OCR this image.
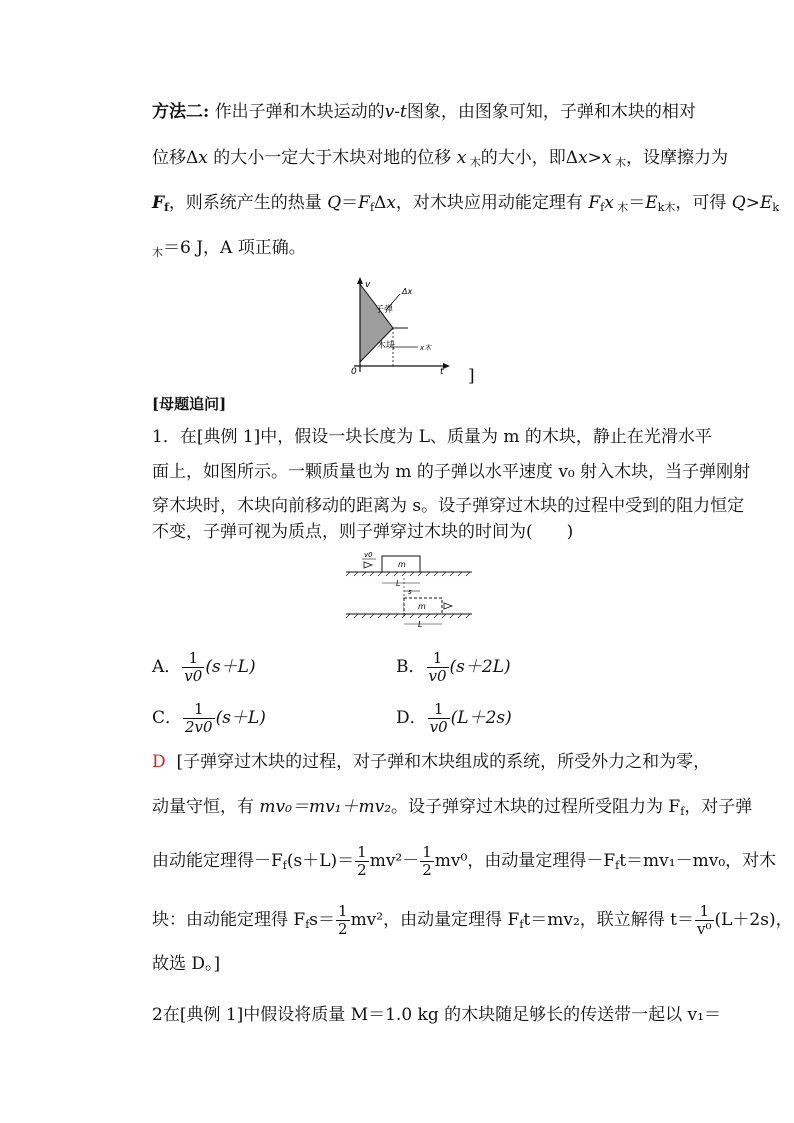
方法二: 作出子弹和木块运动的v-t图象，由图象可知，子弹和木块的相对
位移Δx 的大小一定大于木块对地的位移 x $_木$的大小，即Δx>x $_木$，设摩擦力为
$F_f$，则系统产生的热量 $Q=F_f\Delta x$，对木块应用动能定理有 $F_fx$ $_木=E_{k木}$，可得 $Q>E_k$
$_木$＝6 J，A 项正确。
v
t
0
Δx
子弹
木块	x木
]
[母题追问]
1．在[典例 1]中，假设一块长度为 L、质量为 m 的木块，静止在光滑水平
面上，如图所示。一颗质量也为 m 的子弹以水平速度 v₀ 射入木块，当子弹刚射
穿木块时，木块向前移动的距离为 s。设子弹穿过木块的过程中受到的阻力恒定
不变，子弹可视为质点，则子弹穿过木块的时间为(　　)
m
v0
L
s
m
L
A． $\frac{1}{v0} (s+L)$	B． $\frac{1}{v0} (s+2L)$
C． $\frac{1}{2v0} (s+L)$	D． $\frac{1}{v0} (L+2s)$
D [子弹穿过木块的过程，对子弹和木块组成的系统，所受外力之和为零，
动量守恒，有 mv₀＝mv₁＋mv₂。设子弹穿过木块的过程所受阻力为 $F_f$，对子弹
由动能定理得$-F_f(s+L)= \frac{1}{2} mv^2- \frac{1}{2} mv^0$，由动量定理得$-F_ft=mv_1-mv_0$，对木
块：由动能定理得 $F_fs= \frac{1}{2} mv^2$，由动量定理得 $F_ft=mv_2$，联立解得 $t= \frac{1}{\text{v⁰}} (L+2s)$，
故选 D。]
2在[典例 1]中假设将质量 M＝1.0 kg 的木块随足够长的传送带一起以 v₁＝
